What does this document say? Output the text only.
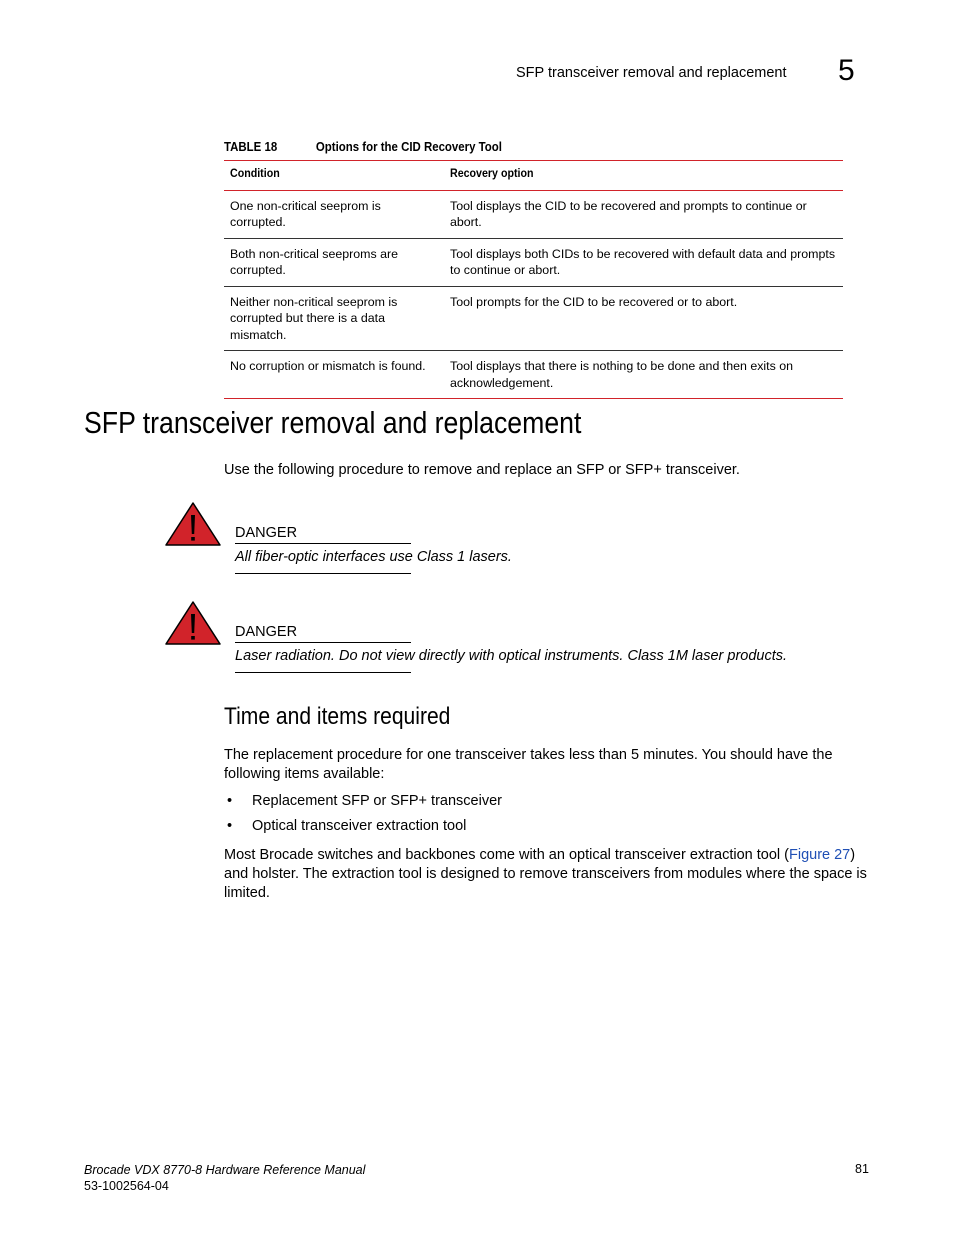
SFP transceiver removal and replacement 5
TABLE 18	Options for the CID Recovery Tool
Condition	Recovery option
One non-critical seeprom is corrupted.	Tool displays the CID to be recovered and prompts to continue or abort.
Both non-critical seeproms are corrupted.	Tool displays both CIDs to be recovered with default data and prompts to continue or abort.
Neither non-critical seeprom is corrupted but there is a data mismatch.	Tool prompts for the CID to be recovered or to abort.
No corruption or mismatch is found.	Tool displays that there is nothing to be done and then exits on acknowledgement.
SFP transceiver removal and replacement
Use the following procedure to remove and replace an SFP or SFP+ transceiver.
DANGER
All fiber-optic interfaces use Class 1 lasers.
DANGER
Laser radiation. Do not view directly with optical instruments. Class 1M laser products.
Time and items required
The replacement procedure for one transceiver takes less than 5 minutes. You should have the following items available:
• Replacement SFP or SFP+ transceiver
• Optical transceiver extraction tool
Most Brocade switches and backbones come with an optical transceiver extraction tool (Figure 27) and holster. The extraction tool is designed to remove transceivers from modules where the space is limited.
Brocade VDX 8770-8 Hardware Reference Manual
53-1002564-04
81
